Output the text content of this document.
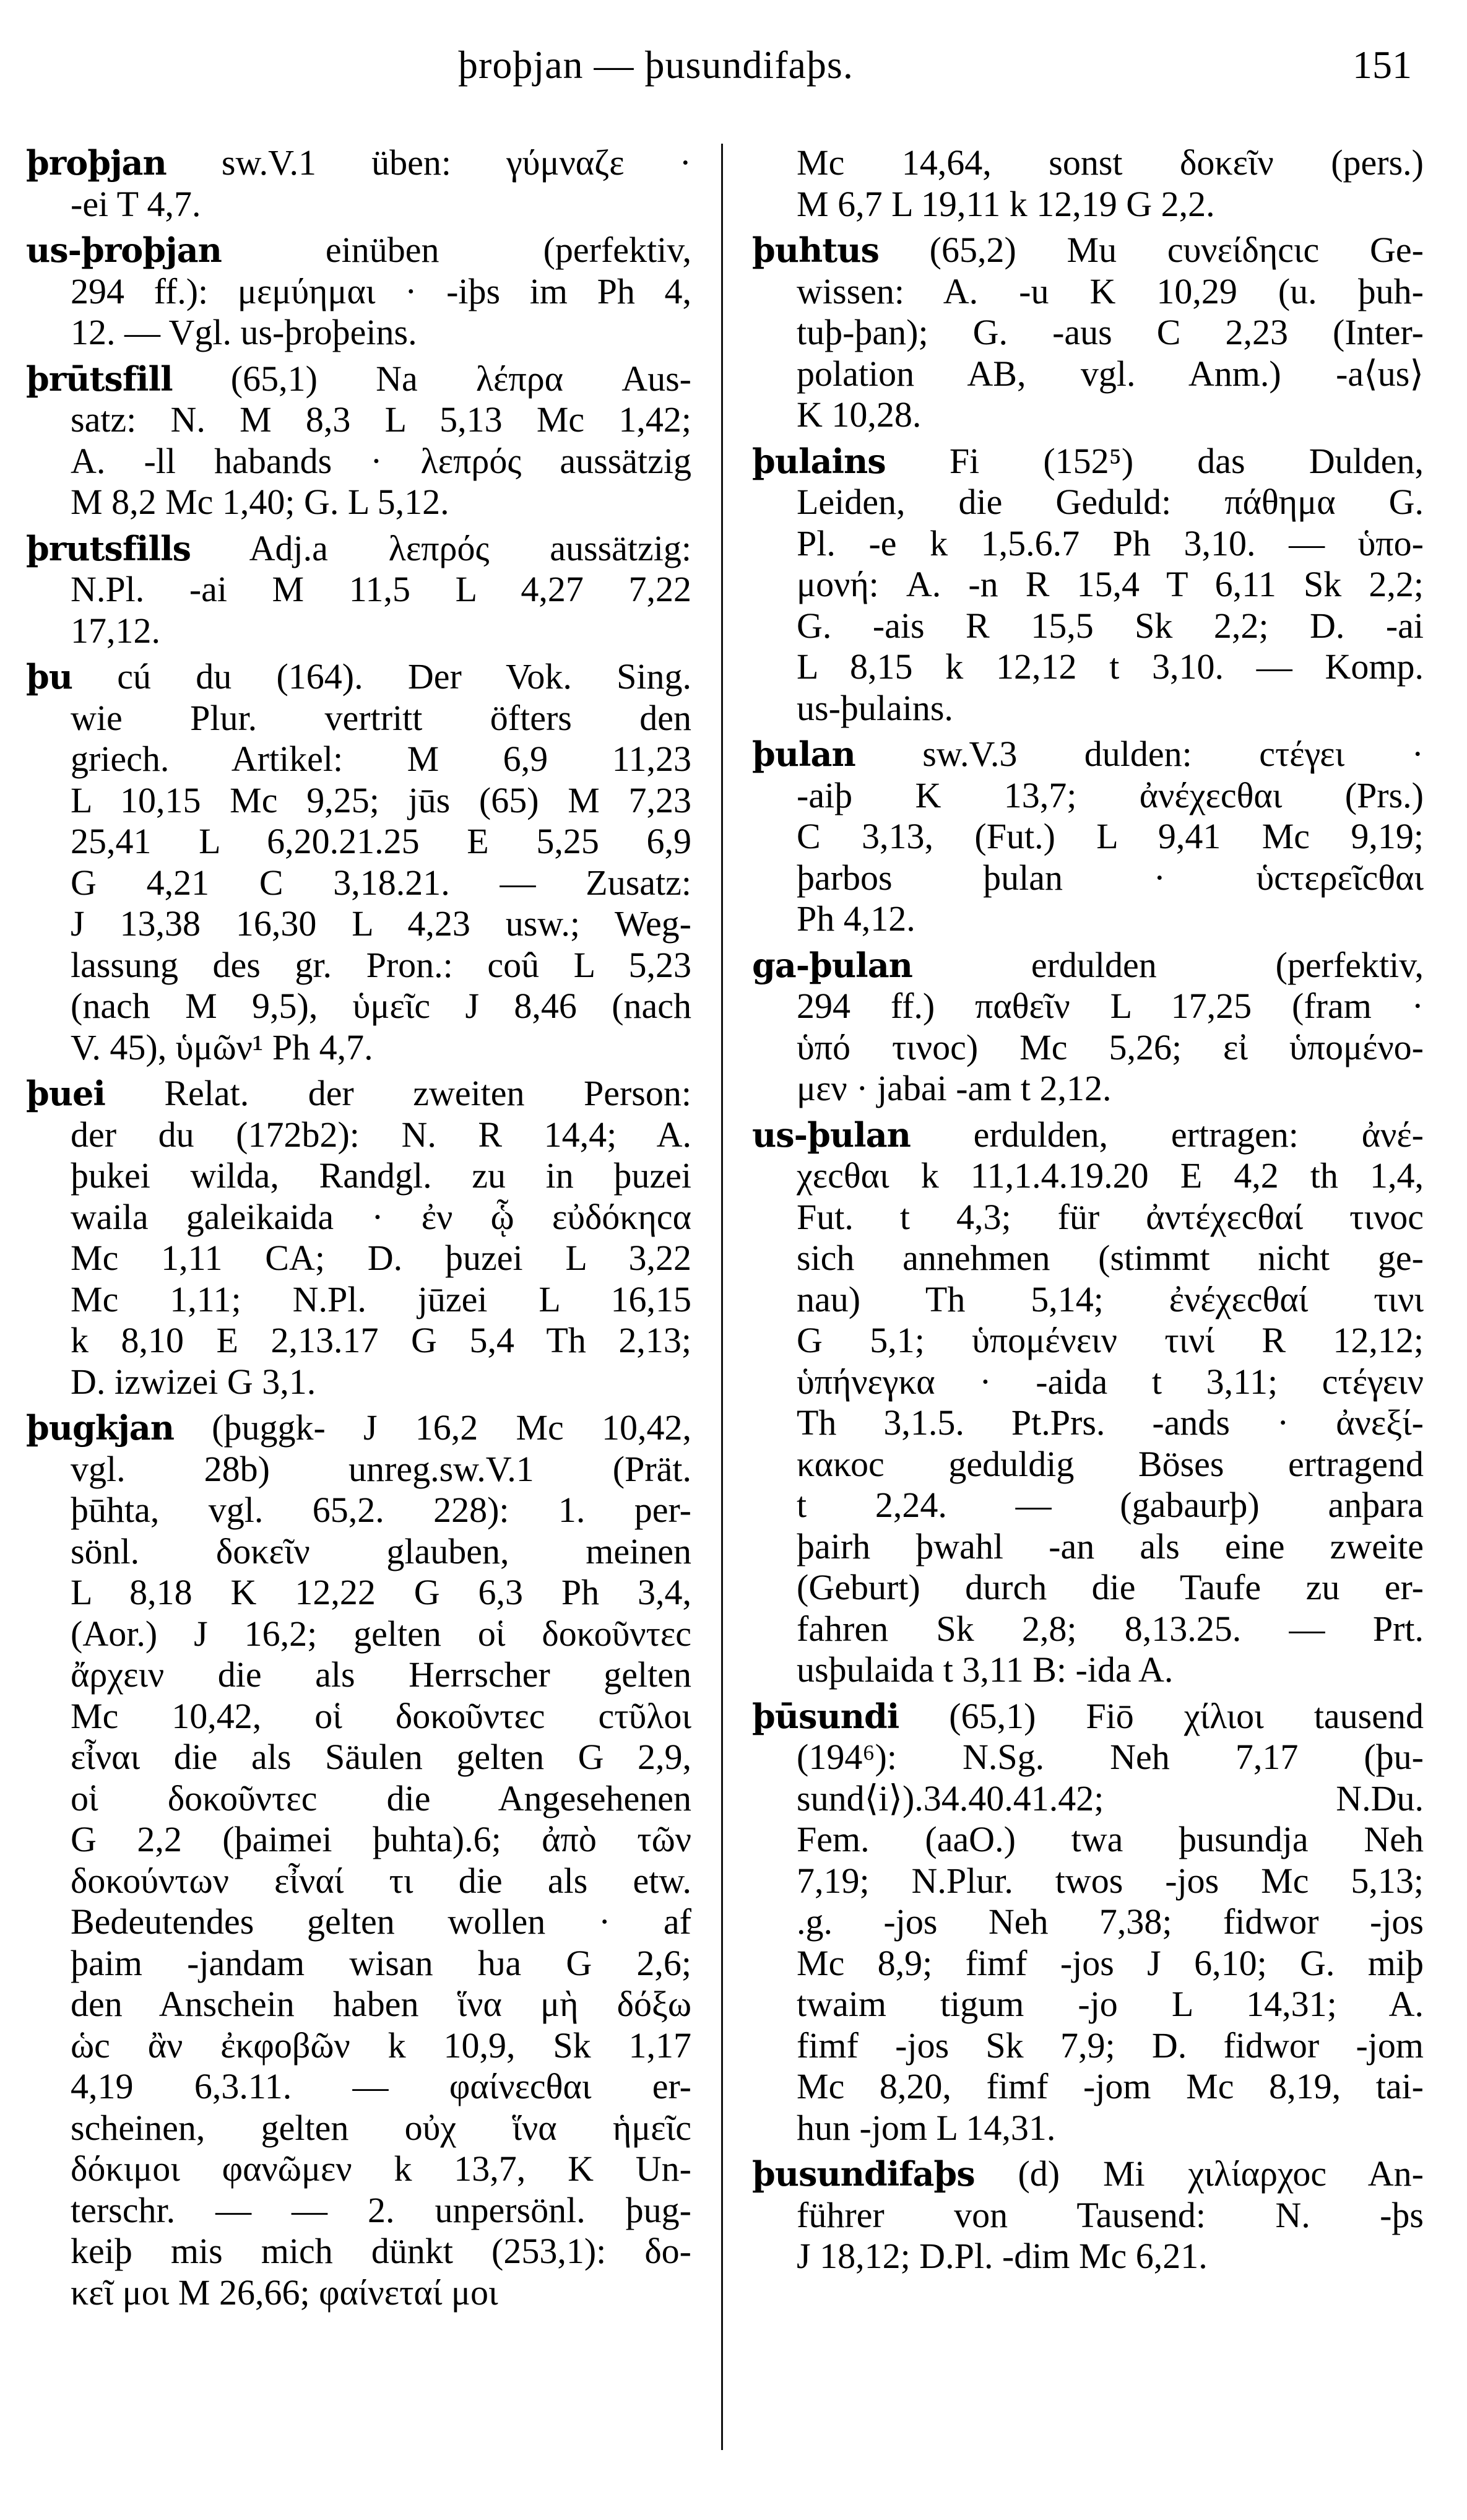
þroþjan — þusundifaþs.	151
þroþjan sw.V.1 üben: γύμναζε ·
-ei T 4,7.
us-þroþjan einüben (perfektiv,
294 ff.): μεμύημαι · -iþs im Ph 4,
12. — Vgl. us-þroþeins.
þrūtsfill (65,1) Na λέπρα Aus-
satz: N. M 8,3 L 5,13 Mc 1,42;
A. -ll habands · λεπρός aussätzig
M 8,2 Mc 1,40; G. L 5,12.
þrutsfills Adj.a λεπρός aussätzig:
N.Pl. -ai M 11,5 L 4,27 7,22
17,12.
þu cú du (164). Der Vok. Sing.
wie Plur. vertritt öfters den
griech. Artikel: M 6,9 11,23
L 10,15 Mc 9,25; jūs (65) M 7,23
25,41 L 6,20.21.25 E 5,25 6,9
G 4,21 C 3,18.21. — Zusatz:
J 13,38 16,30 L 4,23 usw.; Weg-
lassung des gr. Pron.: coû L 5,23
(nach M 9,5), ὑμεῖc J 8,46 (nach
V. 45), ὑμῶν¹ Ph 4,7.
þuei Relat. der zweiten Person:
der du (172b2): N. R 14,4; A.
þukei wilda, Randgl. zu in þuzei
waila galeikaida · ἐν ᾧ εὐδόκηcα
Mc 1,11 CA; D. þuzei L 3,22
Mc 1,11; N.Pl. jūzei L 16,15
k 8,10 E 2,13.17 G 5,4 Th 2,13;
D. izwizei G 3,1.
þugkjan (þuggk- J 16,2 Mc 10,42,
vgl. 28b) unreg.sw.V.1 (Prät.
þūhta, vgl. 65,2. 228): 1. per-
sönl. δοκεῖν glauben, meinen
L 8,18 K 12,22 G 6,3 Ph 3,4,
(Aor.) J 16,2; gelten οἱ δοκοῦντεc
ἄρχειν die als Herrscher gelten
Mc 10,42, οἱ δοκοῦντεc cτῦλοι
εἶναι die als Säulen gelten G 2,9,
οἱ δοκοῦντεc die Angesehenen
G 2,2 (þaimei þuhta).6; ἀπὸ τῶν
δοκούντων εἶναί τι die als etw.
Bedeutendes gelten wollen · af
þaim -jandam wisan ƕa G 2,6;
den Anschein haben ἵνα μὴ δόξω
ὡc ἂν ἐκφοβῶν k 10,9, Sk 1,17
4,19 6,3.11. — φαίνεcθαι er-
scheinen, gelten οὐχ ἵνα ἡμεῖc
δόκιμοι φανῶμεν k 13,7, K Un-
terschr. — — 2. unpersönl. þug-
keiþ mis mich dünkt (253,1): δο-
κεῖ μοι M 26,66; φαίνεταί μοι
Mc 14,64, sonst δοκεῖν (pers.)
M 6,7 L 19,11 k 12,19 G 2,2.
þuhtus (65,2) Mu cυνείδηcιc Ge-
wissen: A. -u K 10,29 (u. þuh-
tuþ-þan); G. -aus C 2,23 (Inter-
polation AB, vgl. Anm.) -a⟨us⟩
K 10,28.
þulains Fi (152⁵) das Dulden,
Leiden, die Geduld: πάθημα G.
Pl. -e k 1,5.6.7 Ph 3,10. — ὑπο-
μονή: A. -n R 15,4 T 6,11 Sk 2,2;
G. -ais R 15,5 Sk 2,2; D. -ai
L 8,15 k 12,12 t 3,10. — Komp.
us-þulains.
þulan sw.V.3 dulden: cτέγει ·
-aiþ K 13,7; ἀνέχεcθαι (Prs.)
C 3,13, (Fut.) L 9,41 Mc 9,19;
þarbos þulan · ὑcτερεῖcθαι
Ph 4,12.
ga-þulan erdulden (perfektiv,
294 ff.) παθεῖν L 17,25 (fram ·
ὑπό τινοc) Mc 5,26; εἰ ὑπομένο-
μεν · jabai -am t 2,12.
us-þulan erdulden, ertragen: ἀνέ-
χεcθαι k 11,1.4.19.20 E 4,2 th 1,4,
Fut. t 4,3; für ἀντέχεcθαί τινοc
sich annehmen (stimmt nicht ge-
nau) Th 5,14; ἐνέχεcθαί τινι
G 5,1; ὑπομένειν τινί R 12,12;
ὑπήνεγκα · -aida t 3,11; cτέγειν
Th 3,1.5. Pt.Prs. -ands · ἀνεξί-
κακοc geduldig Böses ertragend
t 2,24. — (gabaurþ) anþara
þairh þwahl -an als eine zweite
(Geburt) durch die Taufe zu er-
fahren Sk 2,8; 8,13.25. — Prt.
usþulaida t 3,11 B: -ida A.
þūsundi (65,1) Fiō χίλιοι tausend
(194⁶): N.Sg. Neh 7,17 (þu-
sund⟨i⟩).34.40.41.42; N.Du.
Fem. (aaO.) twa þusundja Neh
7,19; N.Plur. twos -jos Mc 5,13;
.g. -jos Neh 7,38; fidwor -jos
Mc 8,9; fimf -jos J 6,10; G. miþ
twaim tigum -jo L 14,31; A.
fimf -jos Sk 7,9; D. fidwor -jom
Mc 8,20, fimf -jom Mc 8,19, tai-
hun -jom L 14,31.
þusundifaþs (d) Mi χιλίαρχοc An-
führer von Tausend: N. -þs
J 18,12; D.Pl. -dim Mc 6,21.
